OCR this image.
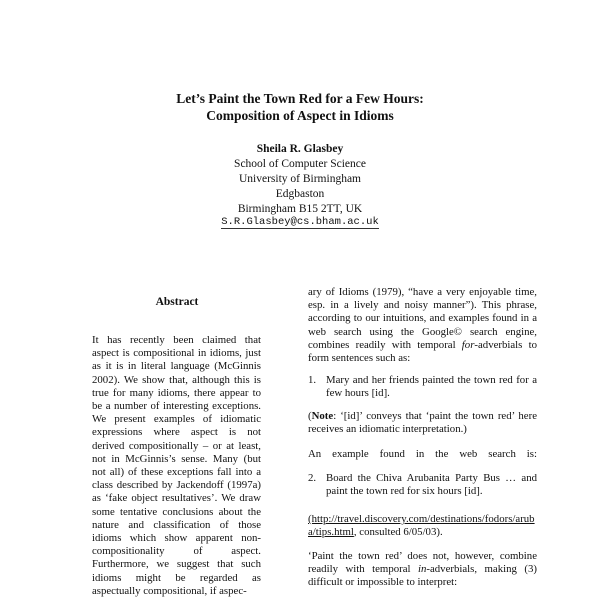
Let’s Paint the Town Red for a Few Hours:
Composition of Aspect in Idioms
Sheila R. Glasbey
School of Computer Science
University of Birmingham
Edgbaston
Birmingham B15 2TT, UK
S.R.Glasbey@cs.bham.ac.uk
Abstract
It has recently been claimed that aspect is compositional in idioms, just as it is in literal language (McGinnis 2002). We show that, although this is true for many idioms, there appear to be a number of interesting exceptions. We present examples of idiomatic expressions where aspect is not derived compositionally – or at least, not in McGinnis’s sense. Many (but not all) of these exceptions fall into a class described by Jackendoff (1997a) as ‘fake object resultatives’. We draw some tentative conclusions about the nature and classification of those idioms which show apparent non-compositionality of aspect. Furthermore, we suggest that such idioms might be regarded as aspectually compositional, if aspec-

ary of Idioms (1979), “have a very enjoyable time, esp. in a lively and noisy manner”). This phrase, according to our intuitions, and examples found in a web search using the Google© search engine, combines readily with temporal for-adverbials to form sentences such as:

1. Mary and her friends painted the town red for a few hours [id].

(Note: ‘[id]’ conveys that ‘paint the town red’ here receives an idiomatic interpretation.)

An example found in the web search is:

2. Board the Chiva Arubanita Party Bus … and paint the town red for six hours [id].

(http://travel.discovery.com/destinations/fodors/aruba/tips.html, consulted 6/05/03).

‘Paint the town red’ does not, however, combine readily with temporal in-adverbials, making (3) difficult or impossible to interpret:
